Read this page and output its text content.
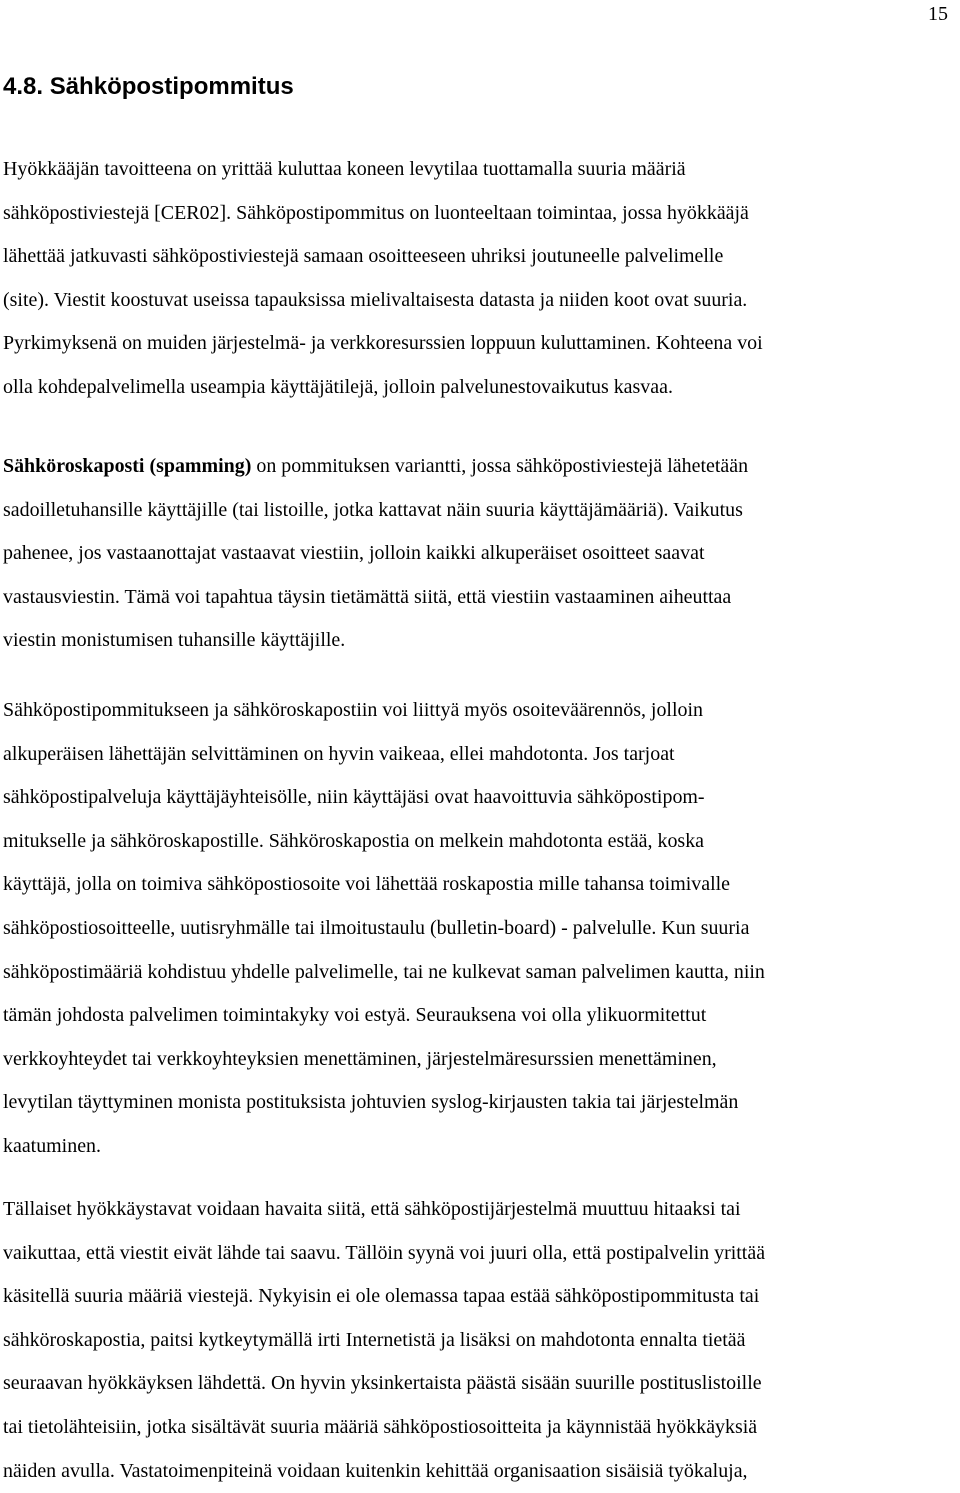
15
4.8. Sähköpostipommitus

Hyökkääjän tavoitteena on yrittää kuluttaa koneen levytilaa tuottamalla suuria määriä
sähköpostiviestejä [CER02]. Sähköpostipommitus on luonteeltaan toimintaa, jossa hyökkääjä
lähettää jatkuvasti sähköpostiviestejä samaan osoitteeseen uhriksi joutuneelle palvelimelle
(site). Viestit koostuvat useissa tapauksissa mielivaltaisesta datasta ja niiden koot ovat suuria.
Pyrkimyksenä on muiden järjestelmä- ja verkkoresurssien loppuun kuluttaminen. Kohteena voi
olla kohdepalvelimella useampia käyttäjätilejä, jolloin palvelunestovaikutus kasvaa.

Sähköroskaposti (spamming) on pommituksen variantti, jossa sähköpostiviestejä lähetetään
sadoilletuhansille käyttäjille (tai listoille, jotka kattavat näin suuria käyttäjämääriä). Vaikutus
pahenee, jos vastaanottajat vastaavat viestiin, jolloin kaikki alkuperäiset osoitteet saavat
vastausviestin. Tämä voi tapahtua täysin tietämättä siitä, että viestiin vastaaminen aiheuttaa
viestin monistumisen tuhansille käyttäjille.

Sähköpostipommitukseen ja sähköroskapostiin voi liittyä myös osoiteväärennös, jolloin
alkuperäisen lähettäjän selvittäminen on hyvin vaikeaa, ellei mahdotonta. Jos tarjoat
sähköpostipalveluja käyttäjäyhteisölle, niin käyttäjäsi ovat haavoittuvia sähköpostipom-
mitukselle ja sähköroskapostille. Sähköroskapostia on melkein mahdotonta estää, koska
käyttäjä, jolla on toimiva sähköpostiosoite voi lähettää roskapostia mille tahansa toimivalle
sähköpostiosoitteelle, uutisryhmälle tai ilmoitustaulu (bulletin-board) - palvelulle. Kun suuria
sähköpostimääriä kohdistuu yhdelle palvelimelle, tai ne kulkevat saman palvelimen kautta, niin
tämän johdosta palvelimen toimintakyky voi estyä. Seurauksena voi olla ylikuormitettut
verkkoyhteydet tai verkkoyhteyksien menettäminen, järjestelmäresurssien menettäminen,
levytilan täyttyminen monista postituksista johtuvien syslog-kirjausten takia tai järjestelmän
kaatuminen.

Tällaiset hyökkäystavat voidaan havaita siitä, että sähköpostijärjestelmä muuttuu hitaaksi tai
vaikuttaa, että viestit eivät lähde tai saavu. Tällöin syynä voi juuri olla, että postipalvelin yrittää
käsitellä suuria määriä viestejä. Nykyisin ei ole olemassa tapaa estää sähköpostipommitusta tai
sähköroskapostia, paitsi kytkeytymällä irti Internetistä ja lisäksi on mahdotonta ennalta tietää
seuraavan hyökkäyksen lähdettä. On hyvin yksinkertaista päästä sisään suurille postituslistoille
tai tietolähteisiin, jotka sisältävät suuria määriä sähköpostiosoitteita ja käynnistää hyökkäyksiä
näiden avulla. Vastatoimenpiteinä voidaan kuitenkin kehittää organisaation sisäisiä työkaluja,
